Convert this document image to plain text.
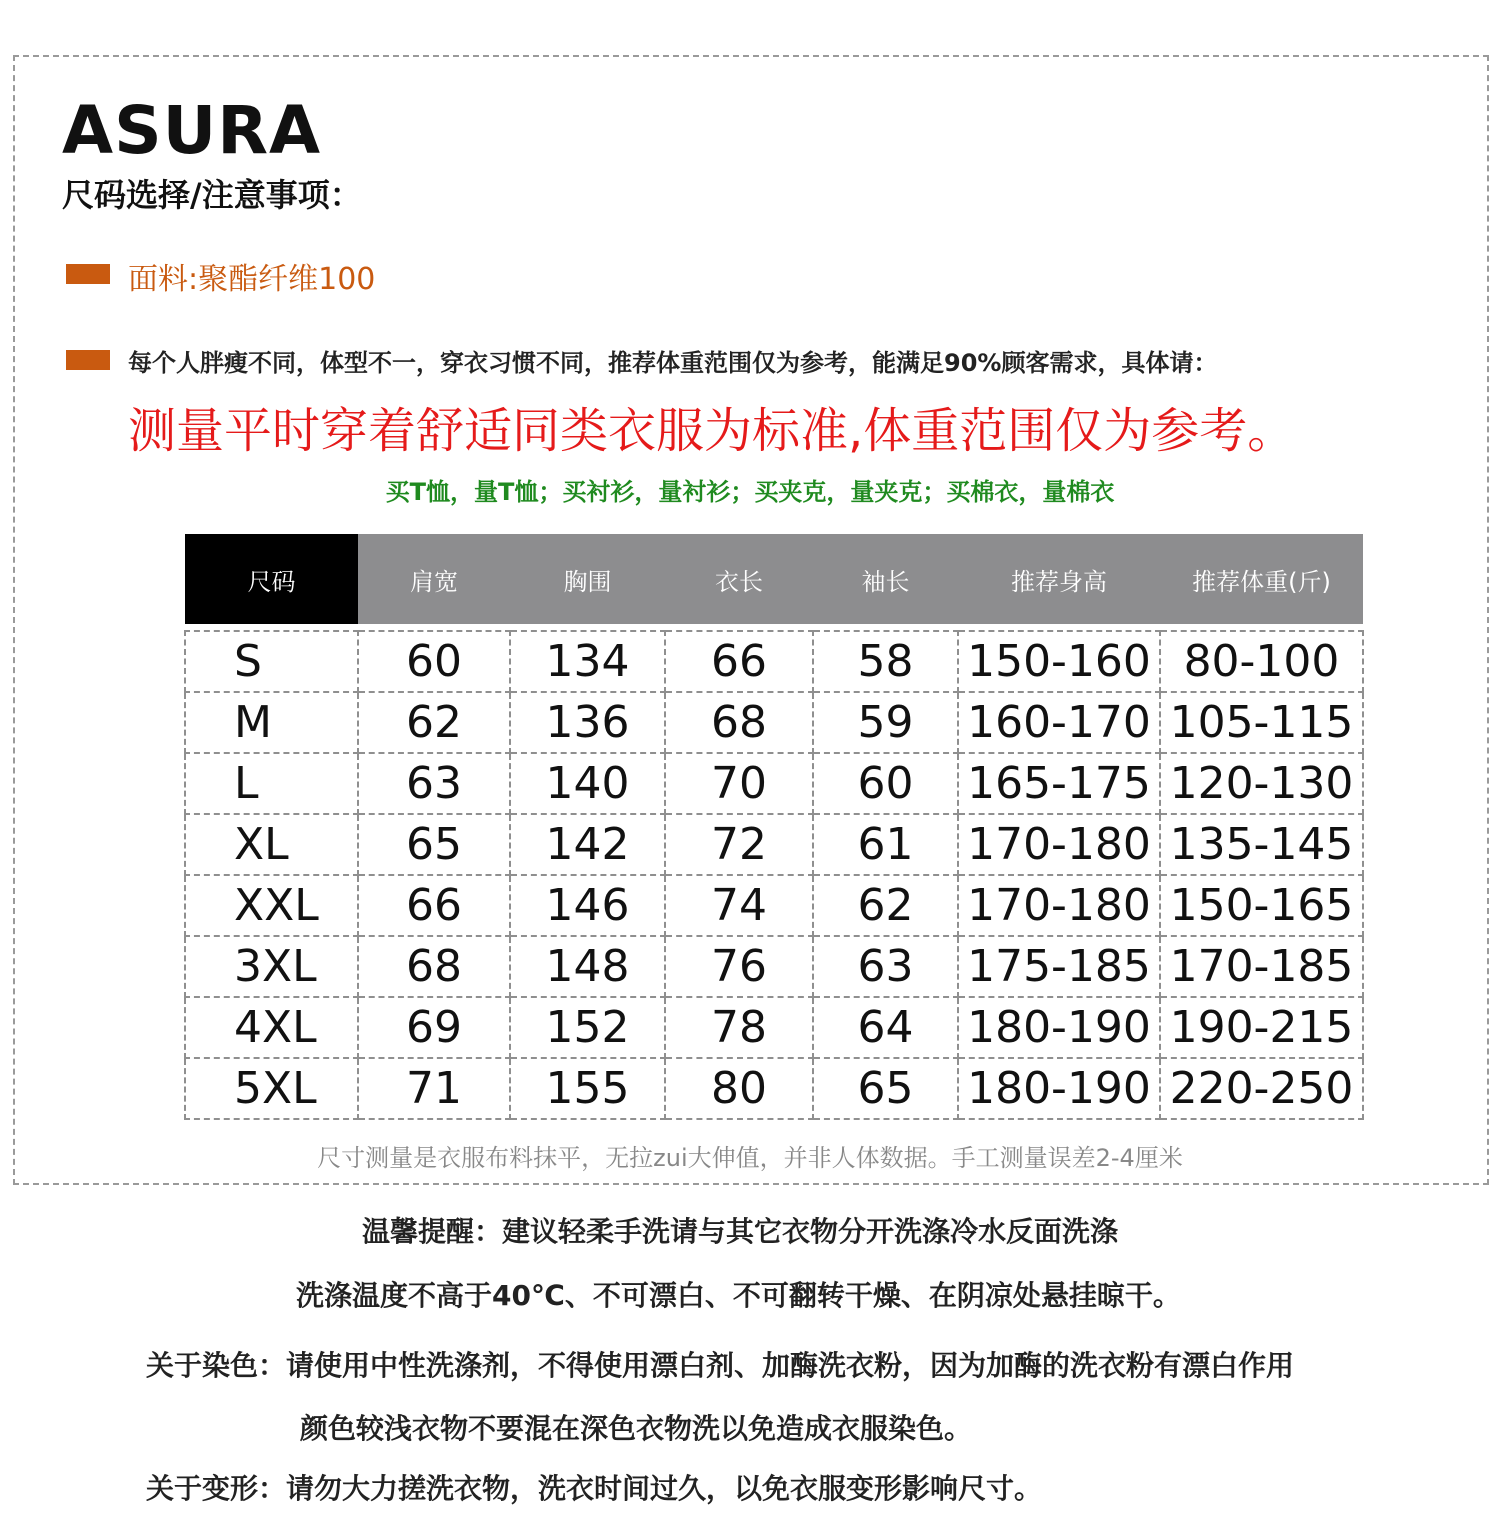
ASURA
尺码选择/注意事项：
面料:聚酯纤维100
每个人胖瘦不同，体型不一，穿衣习惯不同，推荐体重范围仅为参考，能满足90%顾客需求，具体请：
测量平时穿着舒适同类衣服为标准,体重范围仅为参考。
买T恤，量T恤；买衬衫，量衬衫；买夹克，量夹克；买棉衣，量棉衣
尺码	肩宽	胸围	衣长	袖长	推荐身高	推荐体重(斤)

S	60	134	66	58	150-160	80-100
M	62	136	68	59	160-170	105-115
L	63	140	70	60	165-175	120-130
XL	65	142	72	61	170-180	135-145
XXL	66	146	74	62	170-180	150-165
3XL	68	148	76	63	175-185	170-185
4XL	69	152	78	64	180-190	190-215
5XL	71	155	80	65	180-190	220-250
尺寸测量是衣服布料抹平，无拉zui大伸值，并非人体数据。手工测量误差2-4厘米
温馨提醒：建议轻柔手洗请与其它衣物分开洗涤冷水反面洗涤
洗涤温度不高于40℃、不可漂白、不可翻转干燥、在阴凉处悬挂晾干。
关于染色：请使用中性洗涤剂，不得使用漂白剂、加酶洗衣粉，因为加酶的洗衣粉有漂白作用
颜色较浅衣物不要混在深色衣物洗以免造成衣服染色。
关于变形：请勿大力搓洗衣物，洗衣时间过久，以免衣服变形影响尺寸。
